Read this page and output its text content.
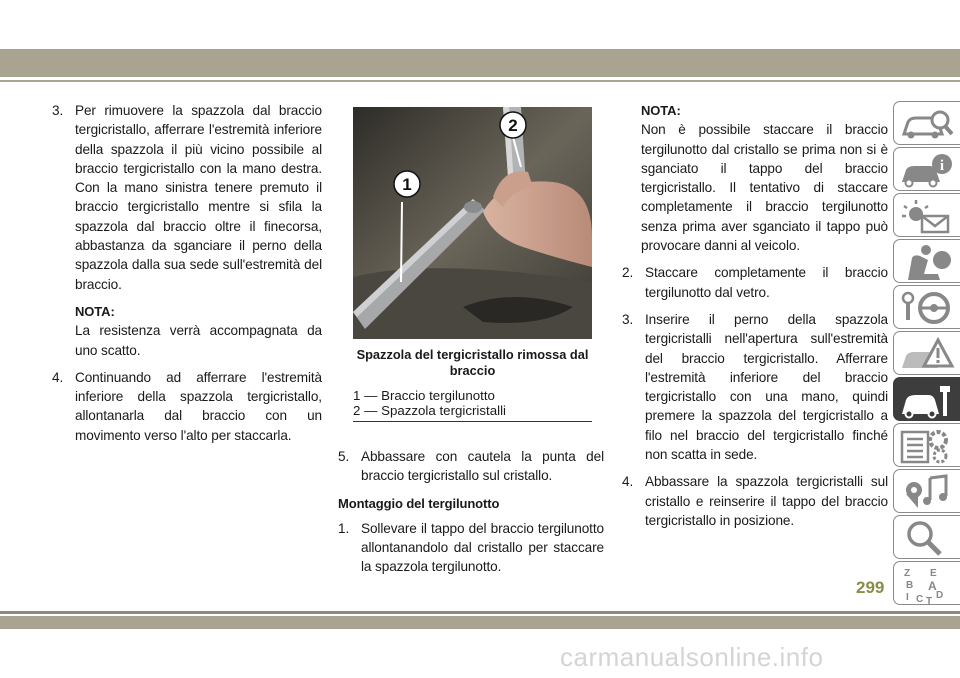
3. Per rimuovere la spazzola dal braccio tergicristallo, afferrare l'estremità inferiore della spazzola il più vicino possibile al braccio tergicristallo con la mano destra. Con la mano sinistra tenere premuto il braccio tergicristallo mentre si sfila la spazzola dal braccio oltre il finecorsa, abbastanza da sganciare il perno della spazzola dalla sua sede sull'estremità del braccio.
NOTA:
La resistenza verrà accompagnata da uno scatto.
4. Continuando ad afferrare l'estremità inferiore della spazzola tergicristallo, allontanarla dal braccio con un movimento verso l'alto per staccarla.
1
2
Spazzola del tergicristallo rimossa dal braccio
1 — Braccio tergilunotto
2 — Spazzola tergicristalli
5. Abbassare con cautela la punta del braccio tergicristallo sul cristallo.
Montaggio del tergilunotto
1. Sollevare il tappo del braccio tergilunotto allontanandolo dal cristallo per staccare la spazzola tergilunotto.
NOTA:
Non è possibile staccare il braccio tergilunotto dal cristallo se prima non si è sganciato il tappo del braccio tergicristallo. Il tentativo di staccare completamente il braccio tergilunotto senza prima aver sganciato il tappo può provocare danni al veicolo.
2. Staccare completamente il braccio tergilunotto dal vetro.
3. Inserire il perno della spazzola tergicristalli nell'apertura sull'estremità del braccio tergicristallo. Afferrare l'estremità inferiore del braccio tergicristallo con una mano, quindi premere la spazzola del tergicristallo a filo nel braccio del tergicristallo finché non scatta in sede.
4. Abbassare la spazzola tergicristalli sul cristallo e reinserire il tappo del braccio tergicristallo in posizione.
i
Z E
B A
D
I C T
299
carmanualsonline.info
